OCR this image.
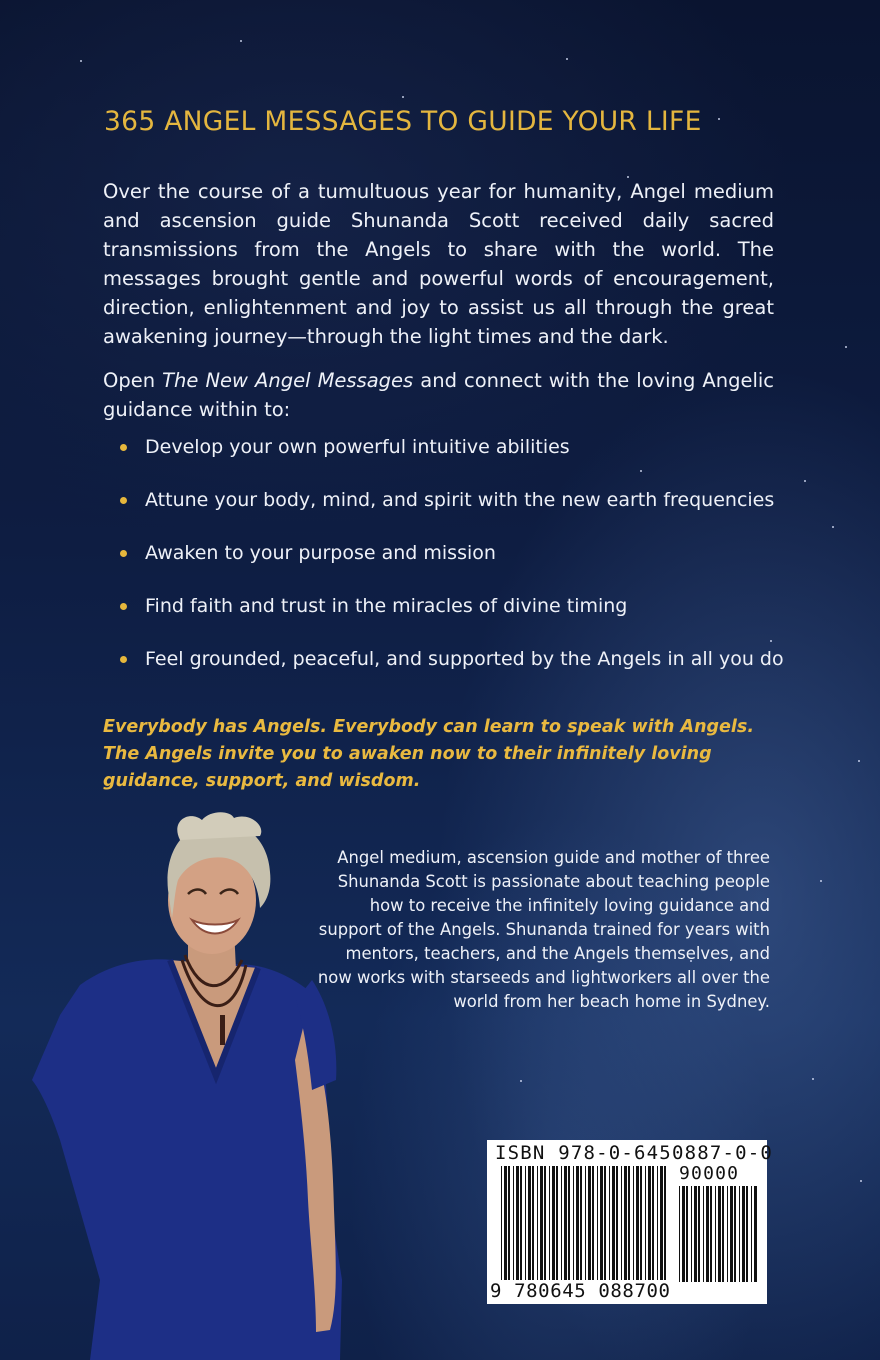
365 ANGEL MESSAGES TO GUIDE YOUR LIFE

Over the course of a tumultuous year for humanity, Angel medium and ascension guide Shunanda Scott received daily sacred transmissions from the Angels to share with the world. The messages brought gentle and powerful words of encouragement, direction, enlightenment and joy to assist us all through the great awakening journey—through the light times and the dark.

Open The New Angel Messages and connect with the loving Angelic guidance within to:

Develop your own powerful intuitive abilities
Attune your body, mind, and spirit with the new earth frequencies
Awaken to your purpose and mission
Find faith and trust in the miracles of divine timing
Feel grounded, peaceful, and supported by the Angels in all you do

Everybody has Angels. Everybody can learn to speak with Angels. The Angels invite you to awaken now to their infinitely loving guidance, support, and wisdom.

Angel medium, ascension guide and mother of three Shunanda Scott is passionate about teaching people how to receive the infinitely loving guidance and support of the Angels. Shunanda trained for years with mentors, teachers, and the Angels themselves, and now works with starseeds and lightworkers all over the world from her beach home in Sydney.

ISBN 978-0-6450887-0-0
90000
9 780645 088700
